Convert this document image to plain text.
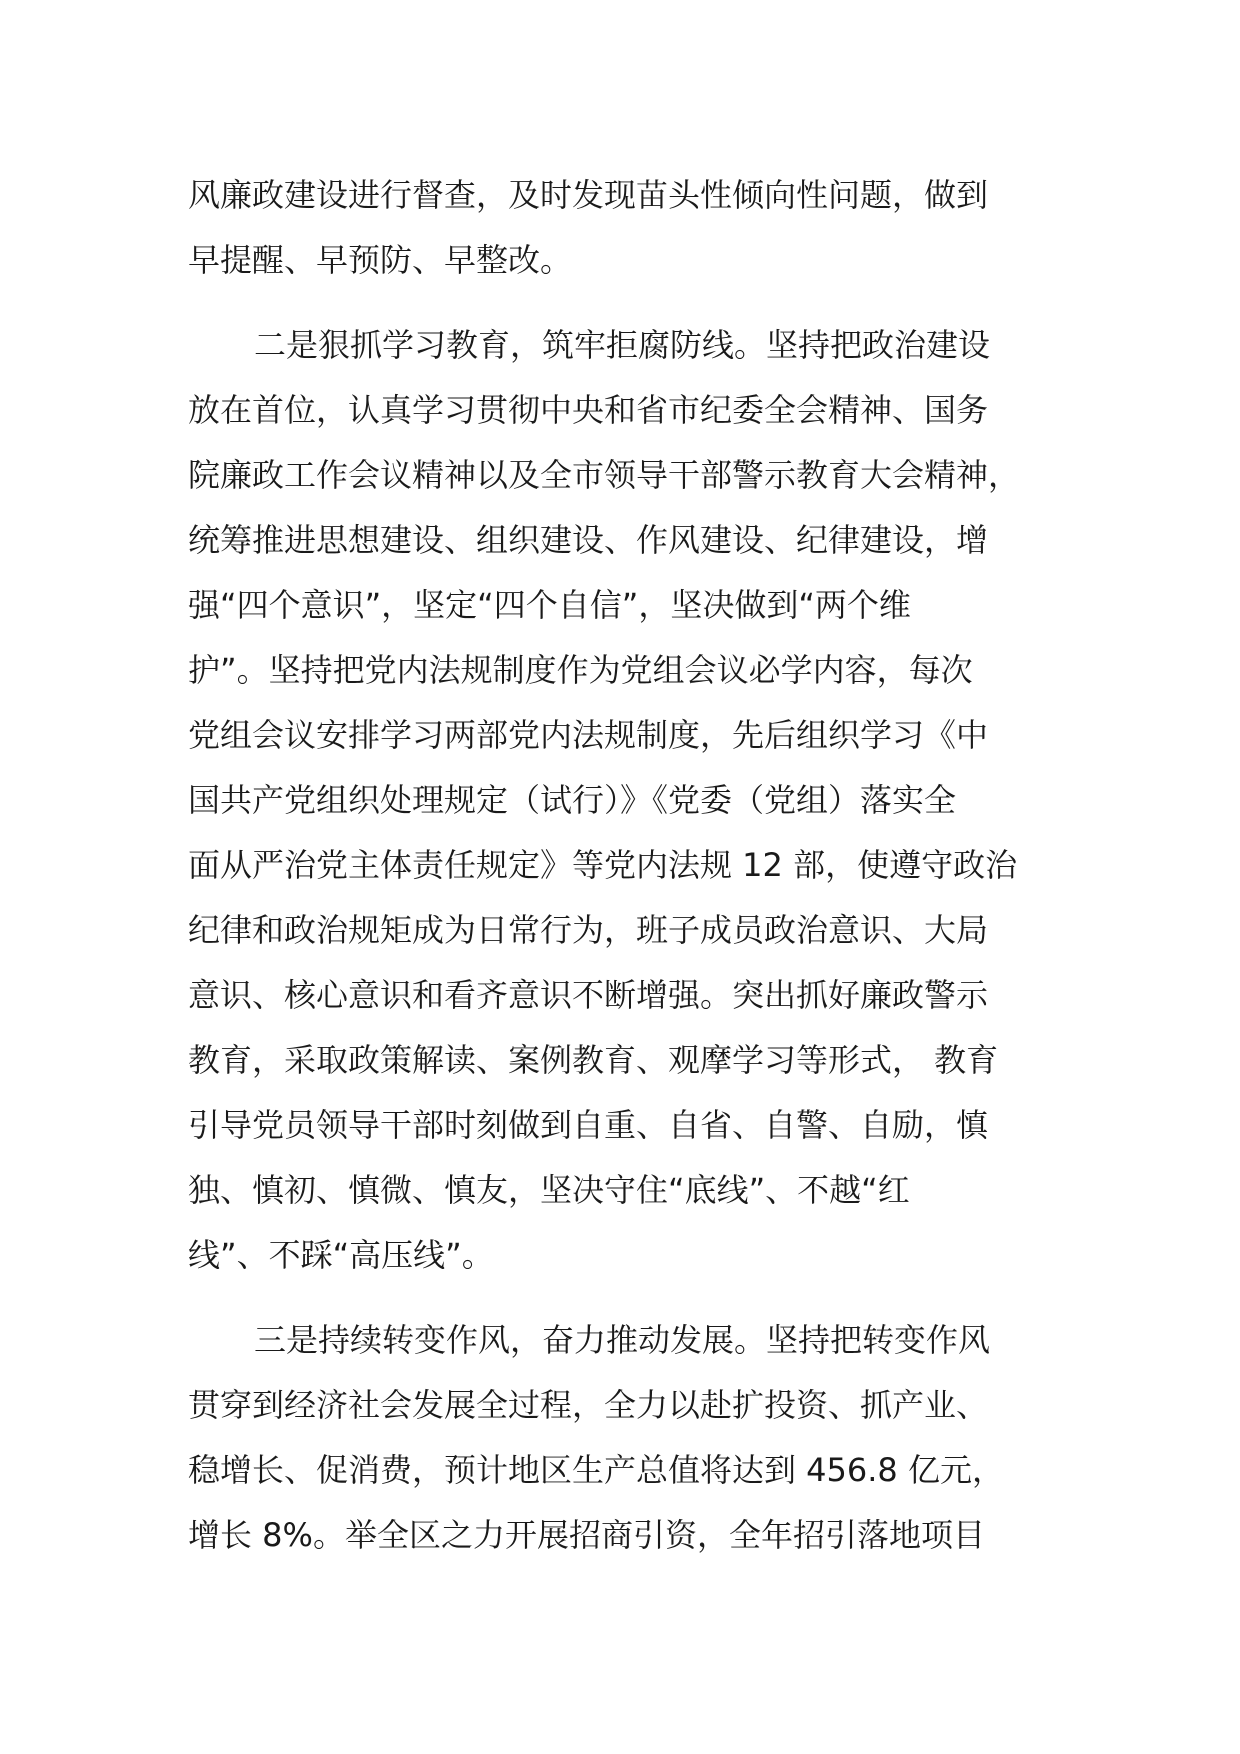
风廉政建设进行督查，及时发现苗头性倾向性问题，做到
早提醒、早预防、早整改。
二是狠抓学习教育，筑牢拒腐防线。坚持把政治建设
放在首位，认真学习贯彻中央和省市纪委全会精神、国务
院廉政工作会议精神以及全市领导干部警示教育大会精神，
统筹推进思想建设、组织建设、作风建设、纪律建设，增
强“四个意识”，坚定“四个自信”，坚决做到“两个维
护”。坚持把党内法规制度作为党组会议必学内容，每次
党组会议安排学习两部党内法规制度，先后组织学习《中
国共产党组织处理规定（试行）》《党委（党组）落实全
面从严治党主体责任规定》等党内法规 12 部，使遵守政治
纪律和政治规矩成为日常行为，班子成员政治意识、大局
意识、核心意识和看齐意识不断增强。突出抓好廉政警示
教育，采取政策解读、案例教育、观摩学习等形式， 教育
引导党员领导干部时刻做到自重、自省、自警、自励，慎
独、慎初、慎微、慎友，坚决守住“底线”、不越“红
线”、不踩“高压线”。
三是持续转变作风，奋力推动发展。坚持把转变作风
贯穿到经济社会发展全过程，全力以赴扩投资、抓产业、
稳增长、促消费，预计地区生产总值将达到 456.8 亿元，
增长 8%。举全区之力开展招商引资，全年招引落地项目
